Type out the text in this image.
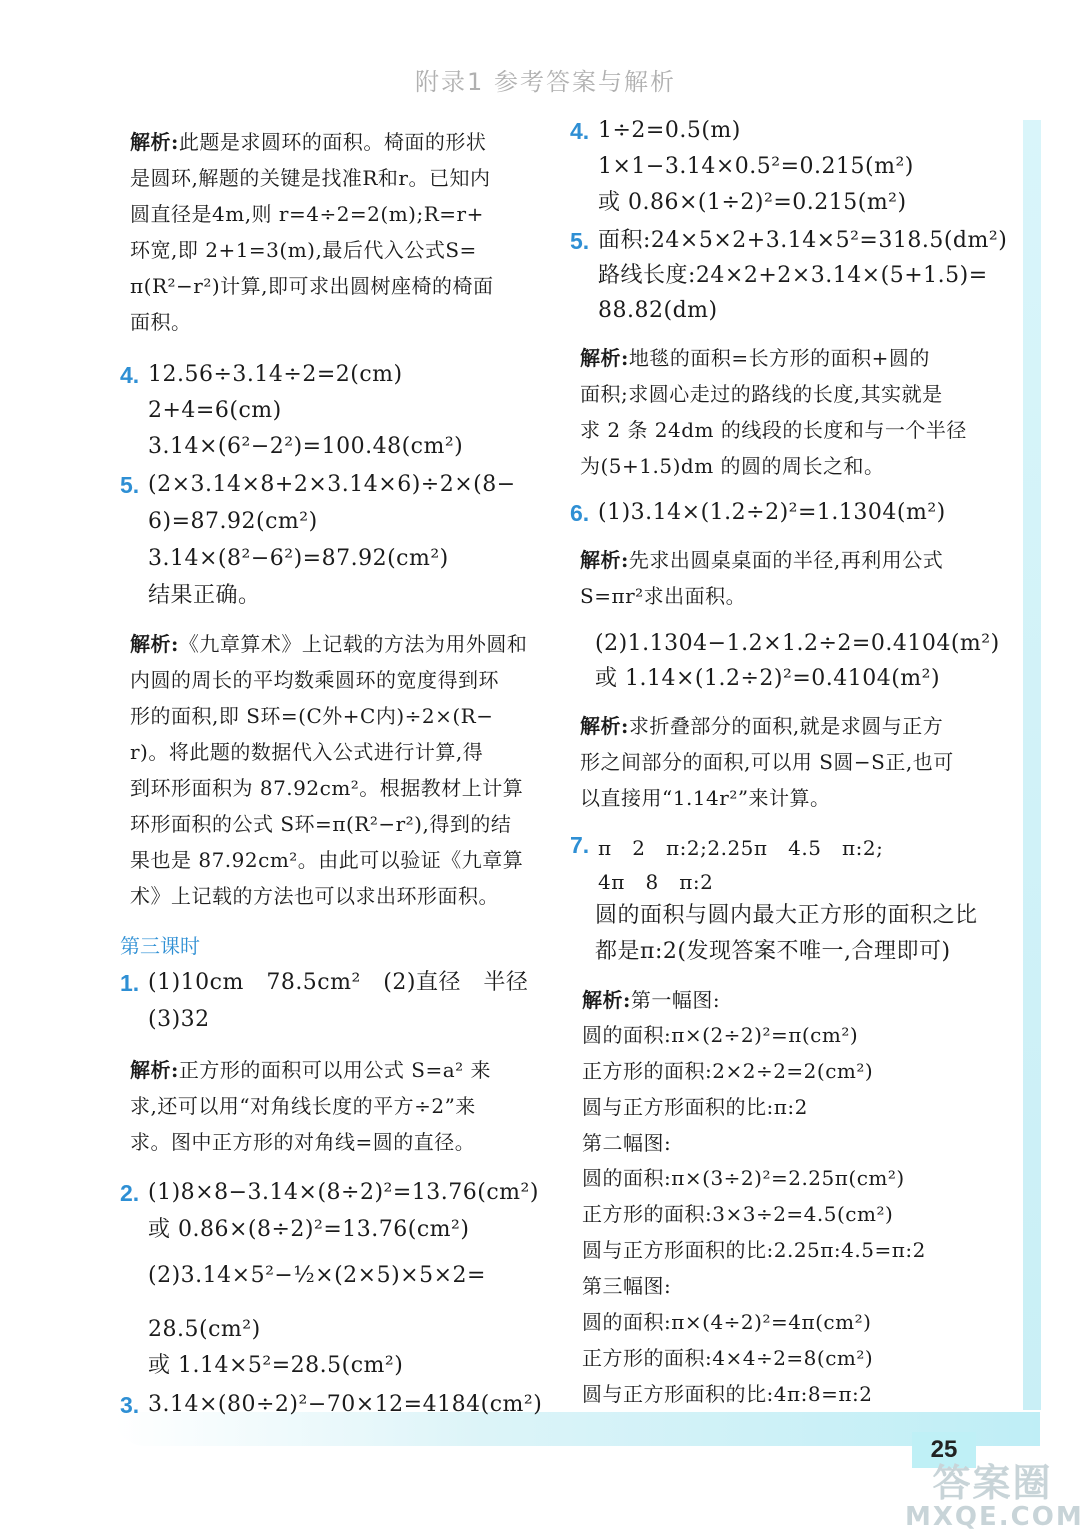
附录1 参考答案与解析
25
答案圈
MXQE.COM
解析:此题是求圆环的面积。椅面的形状
是圆环,解题的关键是找准R和r。已知内
圆直径是4m,则 r=4÷2=2(m);R=r+
环宽,即 2+1=3(m),最后代入公式S=
π(R²−r²)计算,即可求出圆树座椅的椅面
面积。
4. 12.56÷3.14÷2=2(cm)
2+4=6(cm)
3.14×(6²−2²)=100.48(cm²)
5. (2×3.14×8+2×3.14×6)÷2×(8−
6)=87.92(cm²)
3.14×(8²−6²)=87.92(cm²)
结果正确。
解析:《九章算术》上记载的方法为用外圆和
内圆的周长的平均数乘圆环的宽度得到环
形的面积,即 S环=(C外+C内)÷2×(R−
r)。将此题的数据代入公式进行计算,得
到环形面积为 87.92cm²。根据教材上计算
环形面积的公式 S环=π(R²−r²),得到的结
果也是 87.92cm²。由此可以验证《九章算
术》上记载的方法也可以求出环形面积。
第三课时
1. (1)10cm   78.5cm²   (2)直径   半径
(3)32
解析:正方形的面积可以用公式 S=a² 来
求,还可以用“对角线长度的平方÷2”来
求。图中正方形的对角线=圆的直径。
2. (1)8×8−3.14×(8÷2)²=13.76(cm²)
或 0.86×(8÷2)²=13.76(cm²)
(2)3.14×5²−½×(2×5)×5×2=
28.5(cm²)
或 1.14×5²=28.5(cm²)
3. 3.14×(80÷2)²−70×12=4184(cm²)
4. 1÷2=0.5(m)
1×1−3.14×0.5²=0.215(m²)
或 0.86×(1÷2)²=0.215(m²)
5. 面积:24×5×2+3.14×5²=318.5(dm²)
路线长度:24×2+2×3.14×(5+1.5)=
88.82(dm)
解析:地毯的面积=长方形的面积+圆的
面积;求圆心走过的路线的长度,其实就是
求 2 条 24dm 的线段的长度和与一个半径
为(5+1.5)dm 的圆的周长之和。
6. (1)3.14×(1.2÷2)²=1.1304(m²)
解析:先求出圆桌桌面的半径,再利用公式
S=πr²求出面积。
(2)1.1304−1.2×1.2÷2=0.4104(m²)
或 1.14×(1.2÷2)²=0.4104(m²)
解析:求折叠部分的面积,就是求圆与正方
形之间部分的面积,可以用 S圆−S正,也可
以直接用“1.14r²”来计算。
7. π   2   π:2;2.25π   4.5   π:2;
4π   8   π:2
圆的面积与圆内最大正方形的面积之比
都是π:2(发现答案不唯一,合理即可)
解析:第一幅图:
圆的面积:π×(2÷2)²=π(cm²)
正方形的面积:2×2÷2=2(cm²)
圆与正方形面积的比:π:2
第二幅图:
圆的面积:π×(3÷2)²=2.25π(cm²)
正方形的面积:3×3÷2=4.5(cm²)
圆与正方形面积的比:2.25π:4.5=π:2
第三幅图:
圆的面积:π×(4÷2)²=4π(cm²)
正方形的面积:4×4÷2=8(cm²)
圆与正方形面积的比:4π:8=π:2
